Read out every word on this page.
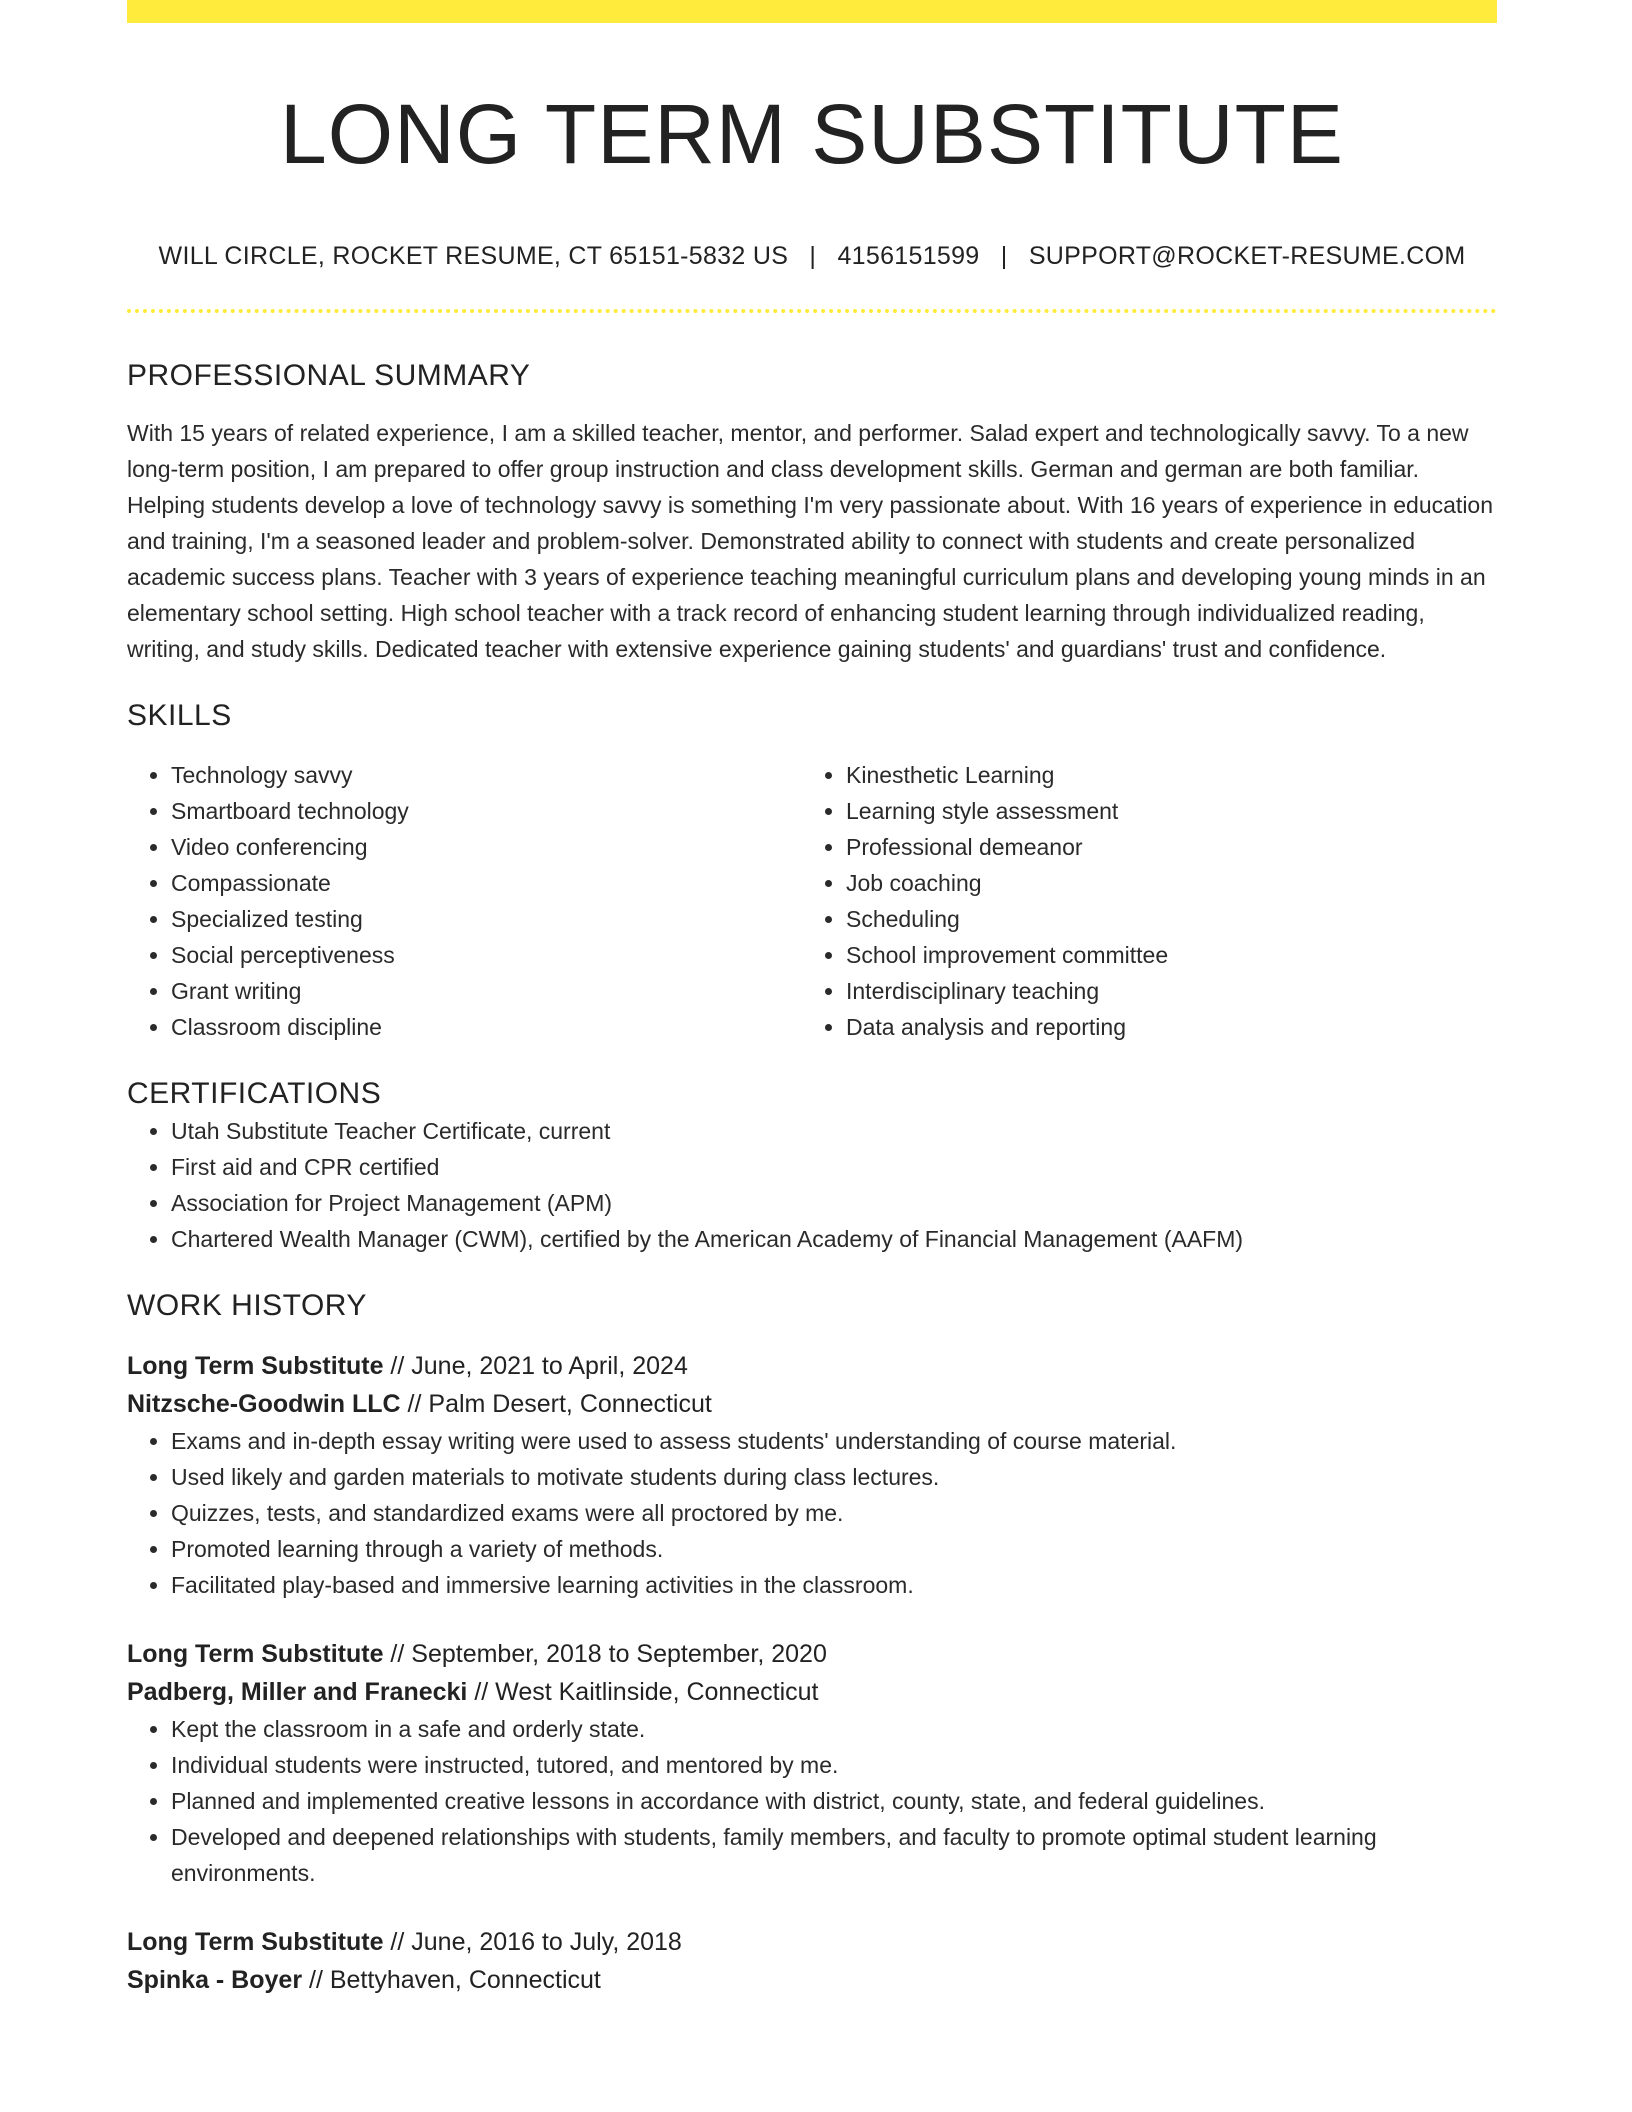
LONG TERM SUBSTITUTE
WILL CIRCLE, ROCKET RESUME, CT 65151-5832 US | 4156151599 | SUPPORT@ROCKET-RESUME.COM
PROFESSIONAL SUMMARY

With 15 years of related experience, I am a skilled teacher, mentor, and performer. Salad expert and technologically savvy. To a new long-term position, I am prepared to offer group instruction and class development skills. German and german are both familiar. Helping students develop a love of technology savvy is something I'm very passionate about. With 16 years of experience in education and training, I'm a seasoned leader and problem-solver. Demonstrated ability to connect with students and create personalized academic success plans. Teacher with 3 years of experience teaching meaningful curriculum plans and developing young minds in an elementary school setting. High school teacher with a track record of enhancing student learning through individualized reading, writing, and study skills. Dedicated teacher with extensive experience gaining students' and guardians' trust and confidence.

SKILLS
• Technology savvy
• Smartboard technology
• Video conferencing
• Compassionate
• Specialized testing
• Social perceptiveness
• Grant writing
• Classroom discipline
• Kinesthetic Learning
• Learning style assessment
• Professional demeanor
• Job coaching
• Scheduling
• School improvement committee
• Interdisciplinary teaching
• Data analysis and reporting
CERTIFICATIONS
• Utah Substitute Teacher Certificate, current
• First aid and CPR certified
• Association for Project Management (APM)
• Chartered Wealth Manager (CWM), certified by the American Academy of Financial Management (AAFM)
WORK HISTORY
Long Term Substitute // June, 2021 to April, 2024
Nitzsche-Goodwin LLC // Palm Desert, Connecticut
• Exams and in-depth essay writing were used to assess students' understanding of course material.
• Used likely and garden materials to motivate students during class lectures.
• Quizzes, tests, and standardized exams were all proctored by me.
• Promoted learning through a variety of methods.
• Facilitated play-based and immersive learning activities in the classroom.
Long Term Substitute // September, 2018 to September, 2020
Padberg, Miller and Franecki // West Kaitlinside, Connecticut
• Kept the classroom in a safe and orderly state.
• Individual students were instructed, tutored, and mentored by me.
• Planned and implemented creative lessons in accordance with district, county, state, and federal guidelines.
• Developed and deepened relationships with students, family members, and faculty to promote optimal student learning environments.
Long Term Substitute // June, 2016 to July, 2018
Spinka - Boyer // Bettyhaven, Connecticut
